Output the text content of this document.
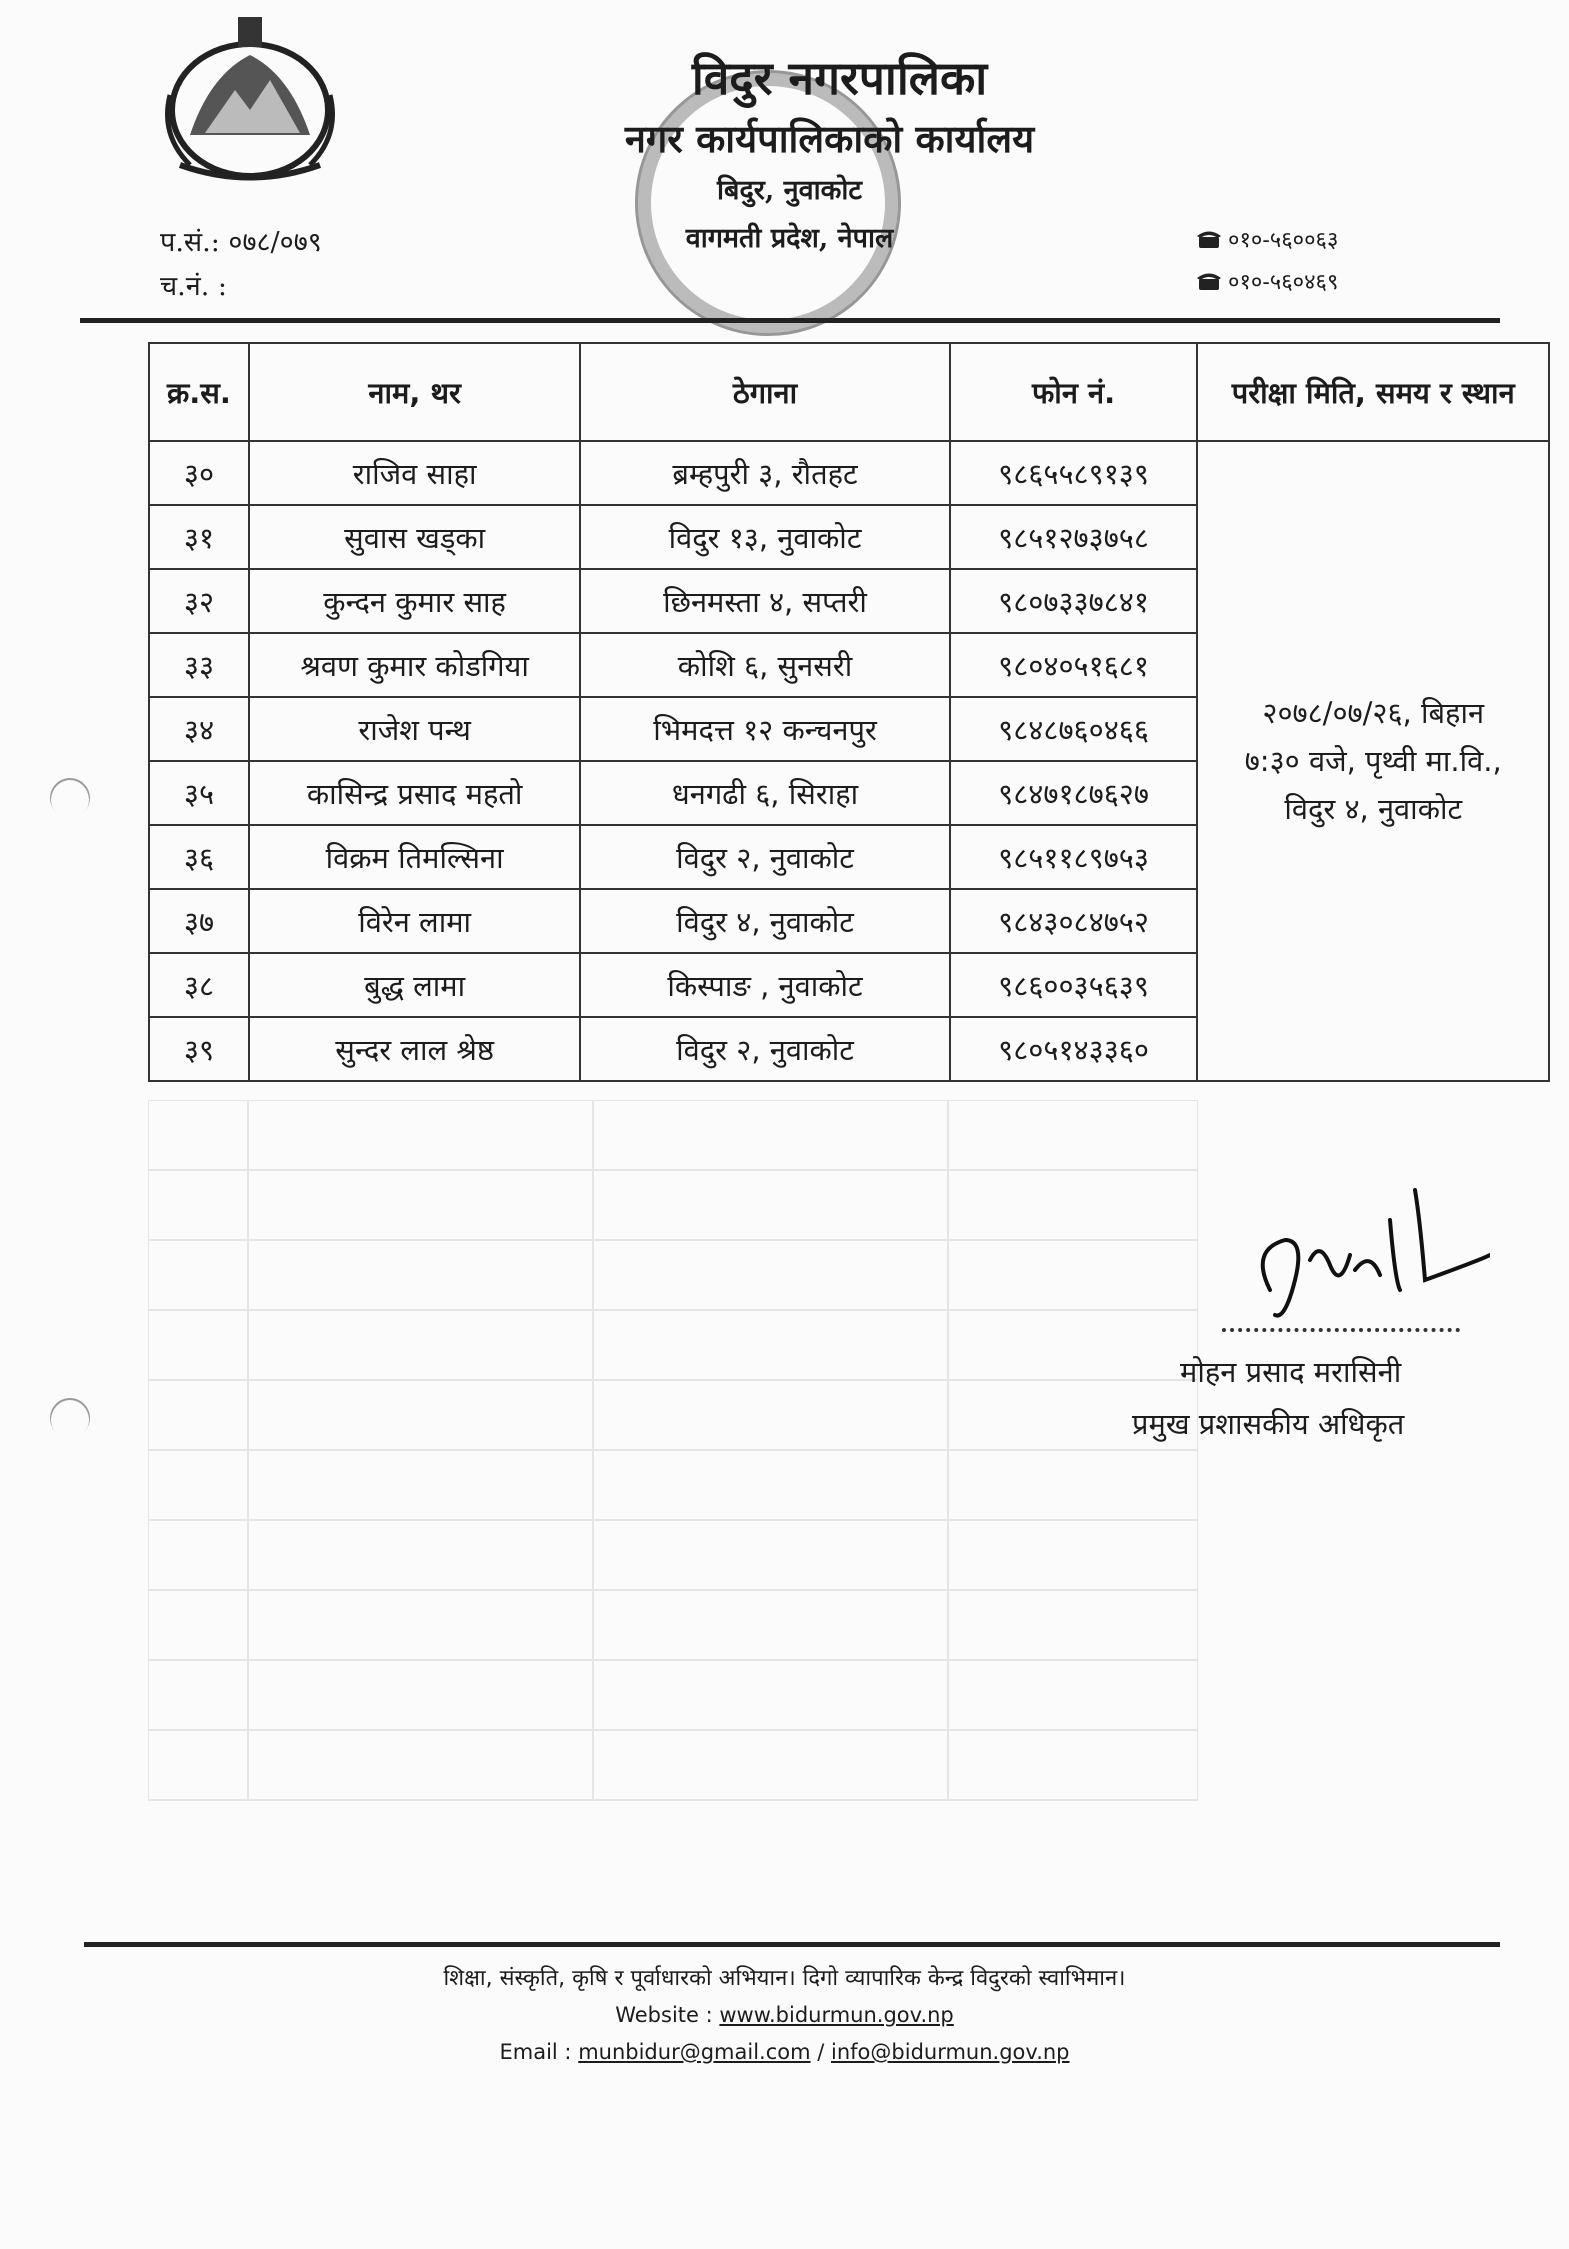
विदुर नगरपालिका
नगर कार्यपालिकाको कार्यालय
बिदुर, नुवाकोट
वागमती प्रदेश, नेपाल
प.सं.: ०७८/०७९
च.नं. :
०१०-५६००६३
०१०-५६०४६९
क्र.स.	नाम, थर	ठेगाना	फोन नं.	परीक्षा मिति, समय र स्थान
३०	राजिव साहा	ब्रम्हपुरी ३, रौतहट	९८६५५८९१३९	२०७८/०७/२६, बिहान
७:३० वजे, पृथ्वी मा.वि.,
विदुर ४, नुवाकोट

३१	सुवास खड्का	विदुर १३, नुवाकोट	९८५१२७३७५८	
३२	कुन्दन कुमार साह	छिनमस्ता ४, सप्तरी	९८०७३३७८४१	
३३	श्रवण कुमार कोडगिया	कोशि ६, सुनसरी	९८०४०५१६८१	
३४	राजेश पन्थ	भिमदत्त १२ कन्चनपुर	९८४८७६०४६६	
३५	कासिन्द्र प्रसाद महतो	धनगढी ६, सिराहा	९८४७१८७६२७	
३६	विक्रम तिमल्सिना	विदुर २, नुवाकोट	९८५११८९७५३	
३७	विरेन लामा	विदुर ४, नुवाकोट	९८४३०८४७५२	
३८	बुद्ध लामा	किस्पाङ , नुवाकोट	९८६००३५६३९	
३९	सुन्दर लाल श्रेष्ठ	विदुर २, नुवाकोट	९८०५१४३३६०	
मोहन प्रसाद मरासिनी
प्रमुख प्रशासकीय अधिकृत
शिक्षा, संस्कृति, कृषि र पूर्वाधारको अभियान। दिगो व्यापारिक केन्द्र विदुरको स्वाभिमान।
Website : www.bidurmun.gov.np
Email : munbidur@gmail.com / info@bidurmun.gov.np
